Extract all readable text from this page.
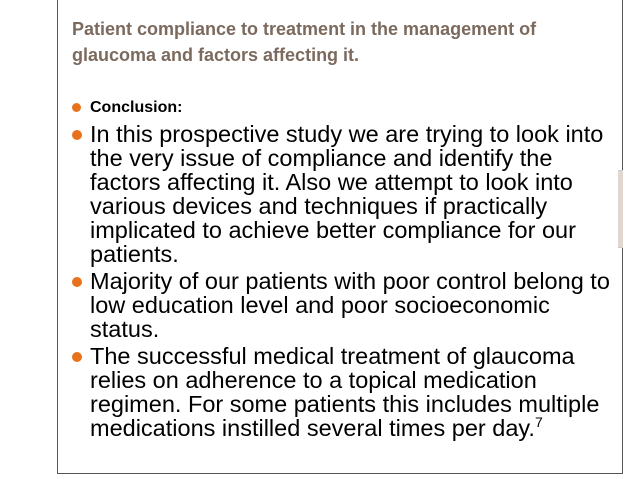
Patient compliance to treatment in the management of glaucoma and factors affecting it.
Conclusion:
In this prospective study we are trying to look into the very issue of compliance and identify the factors affecting it. Also we attempt to look into various devices and techniques if practically implicated to achieve better compliance for our patients.
Majority of our patients with poor control belong to low education level and poor socioeconomic status.
The successful medical treatment of glaucoma relies on adherence to a topical medication regimen. For some patients this includes multiple medications instilled several times per day.$^7$
